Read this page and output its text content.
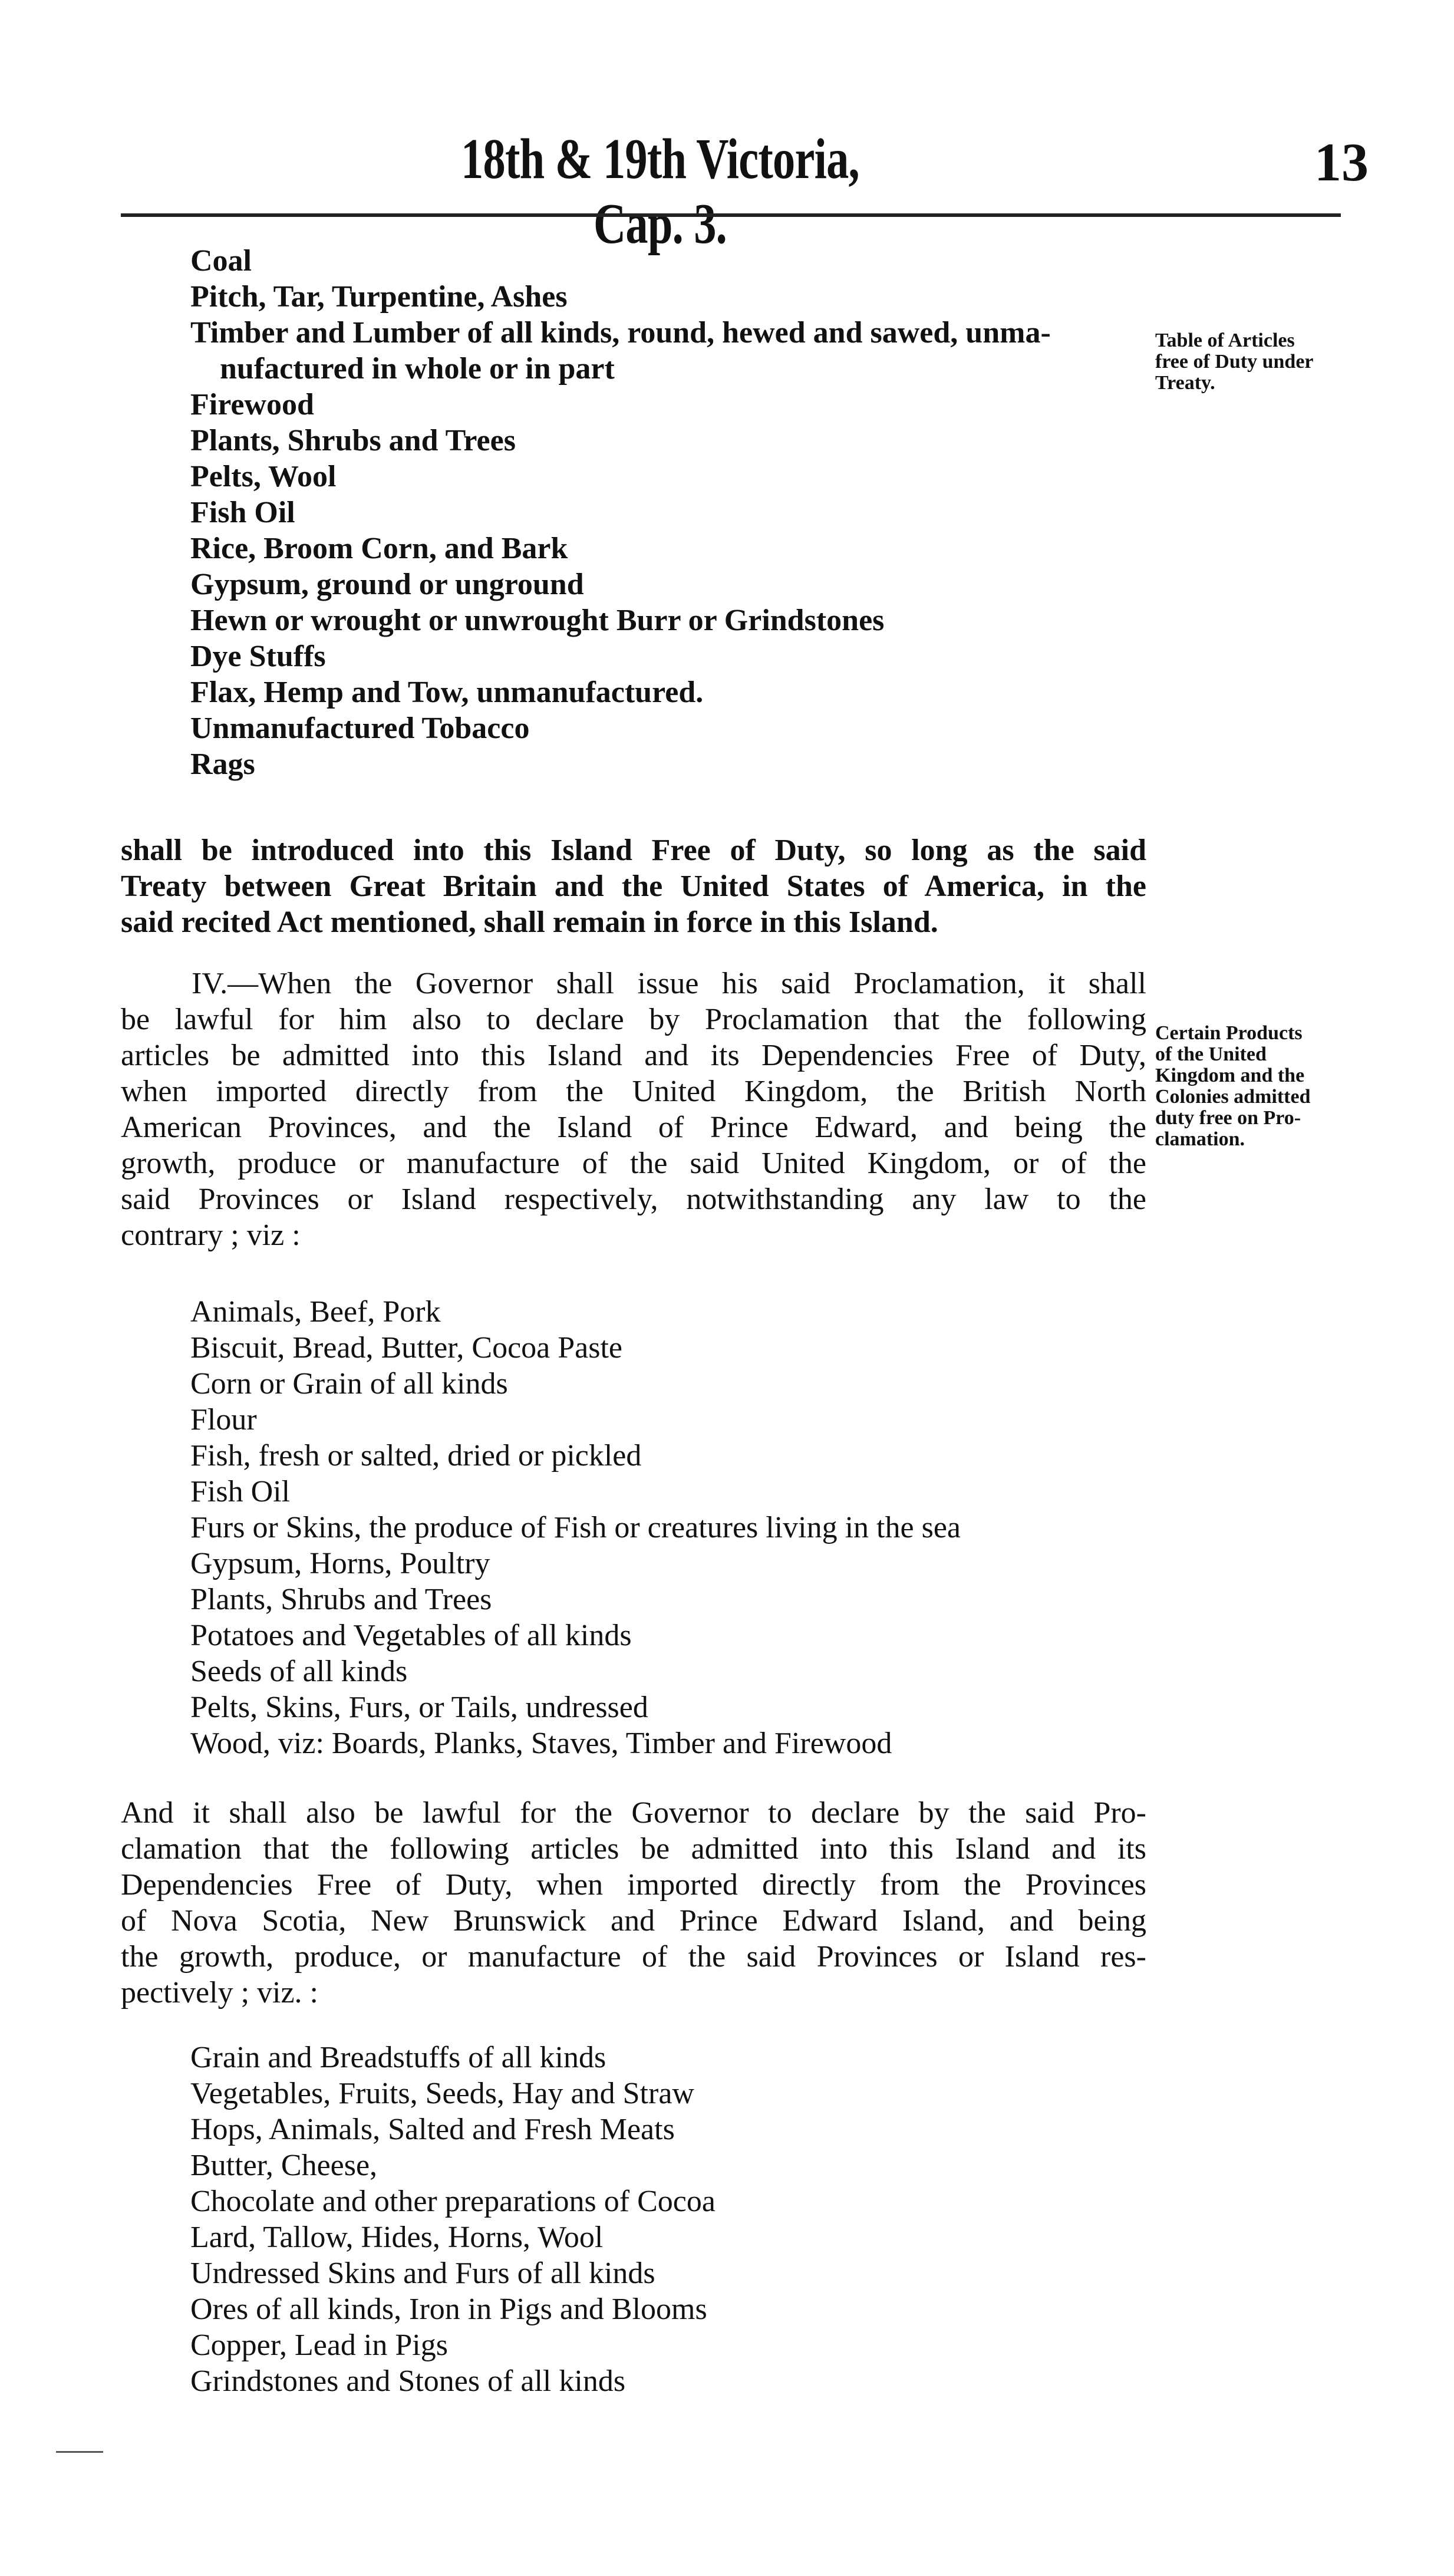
18th & 19th Victoria, Cap. 3.
13
Coal
Pitch, Tar, Turpentine, Ashes
Timber and Lumber of all kinds, round, hewed and sawed, unma-
nufactured in whole or in part
Firewood
Plants, Shrubs and Trees
Pelts, Wool
Fish Oil
Rice, Broom Corn, and Bark
Gypsum, ground or unground
Hewn or wrought or unwrought Burr or Grindstones
Dye Stuffs
Flax, Hemp and Tow, unmanufactured.
Unmanufactured Tobacco
Rags
Table of Articles
free of Duty under
Treaty.
shall be introduced into this Island Free of Duty, so long as the said
Treaty between Great Britain and the United States of America, in the
said recited Act mentioned, shall remain in force in this Island.
IV.—When the Governor shall issue his said Proclamation, it shall
be lawful for him also to declare by Proclamation that the following
articles be admitted into this Island and its Dependencies Free of Duty,
when imported directly from the United Kingdom, the British North
American Provinces, and the Island of Prince Edward, and being the
growth, produce or manufacture of the said United Kingdom, or of the
said Provinces or Island respectively, notwithstanding any law to the
contrary ; viz :
Certain Products
of the United
Kingdom and the
Colonies admitted
duty free on Pro-
clamation.
Animals, Beef, Pork
Biscuit, Bread, Butter, Cocoa Paste
Corn or Grain of all kinds
Flour
Fish, fresh or salted, dried or pickled
Fish Oil
Furs or Skins, the produce of Fish or creatures living in the sea
Gypsum, Horns, Poultry
Plants, Shrubs and Trees
Potatoes and Vegetables of all kinds
Seeds of all kinds
Pelts, Skins, Furs, or Tails, undressed
Wood, viz: Boards, Planks, Staves, Timber and Firewood
And it shall also be lawful for the Governor to declare by the said Pro-
clamation that the following articles be admitted into this Island and its
Dependencies Free of Duty, when imported directly from the Provinces
of Nova Scotia, New Brunswick and Prince Edward Island, and being
the growth, produce, or manufacture of the said Provinces or Island res-
pectively ; viz. :
Grain and Breadstuffs of all kinds
Vegetables, Fruits, Seeds, Hay and Straw
Hops, Animals, Salted and Fresh Meats
Butter, Cheese,
Chocolate and other preparations of Cocoa
Lard, Tallow, Hides, Horns, Wool
Undressed Skins and Furs of all kinds
Ores of all kinds, Iron in Pigs and Blooms
Copper, Lead in Pigs
Grindstones and Stones of all kinds
